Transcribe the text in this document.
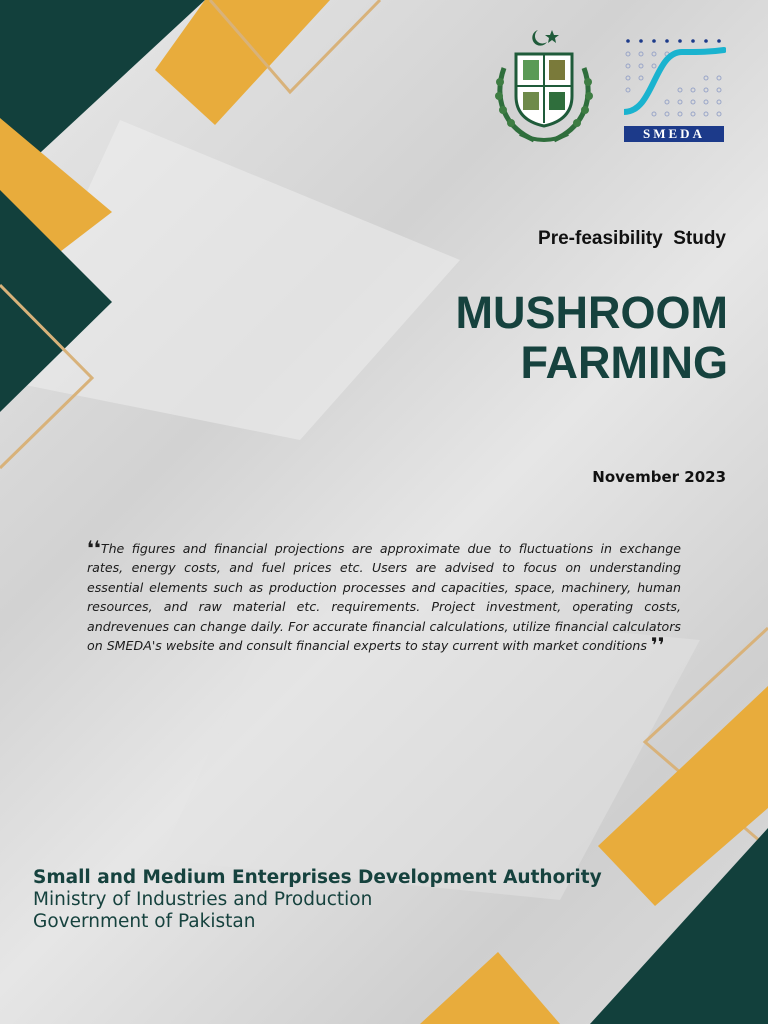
SMEDA
Pre-feasibility  Study
MUSHROOM
FARMING
November 2023
❛❛The figures and financial projections are approximate due to fluctuations in exchange rates, energy costs, and fuel prices etc. Users are advised to focus on understanding essential elements such as production processes and capacities, space, machinery, human resources, and raw material etc. requirements. Project investment, operating costs, andrevenues can change daily. For accurate financial calculations, utilize financial calculators on SMEDA's website and consult financial experts to stay current with market conditions ❜❜
Small and Medium Enterprises Development Authority
Ministry of Industries and Production
Government of Pakistan
